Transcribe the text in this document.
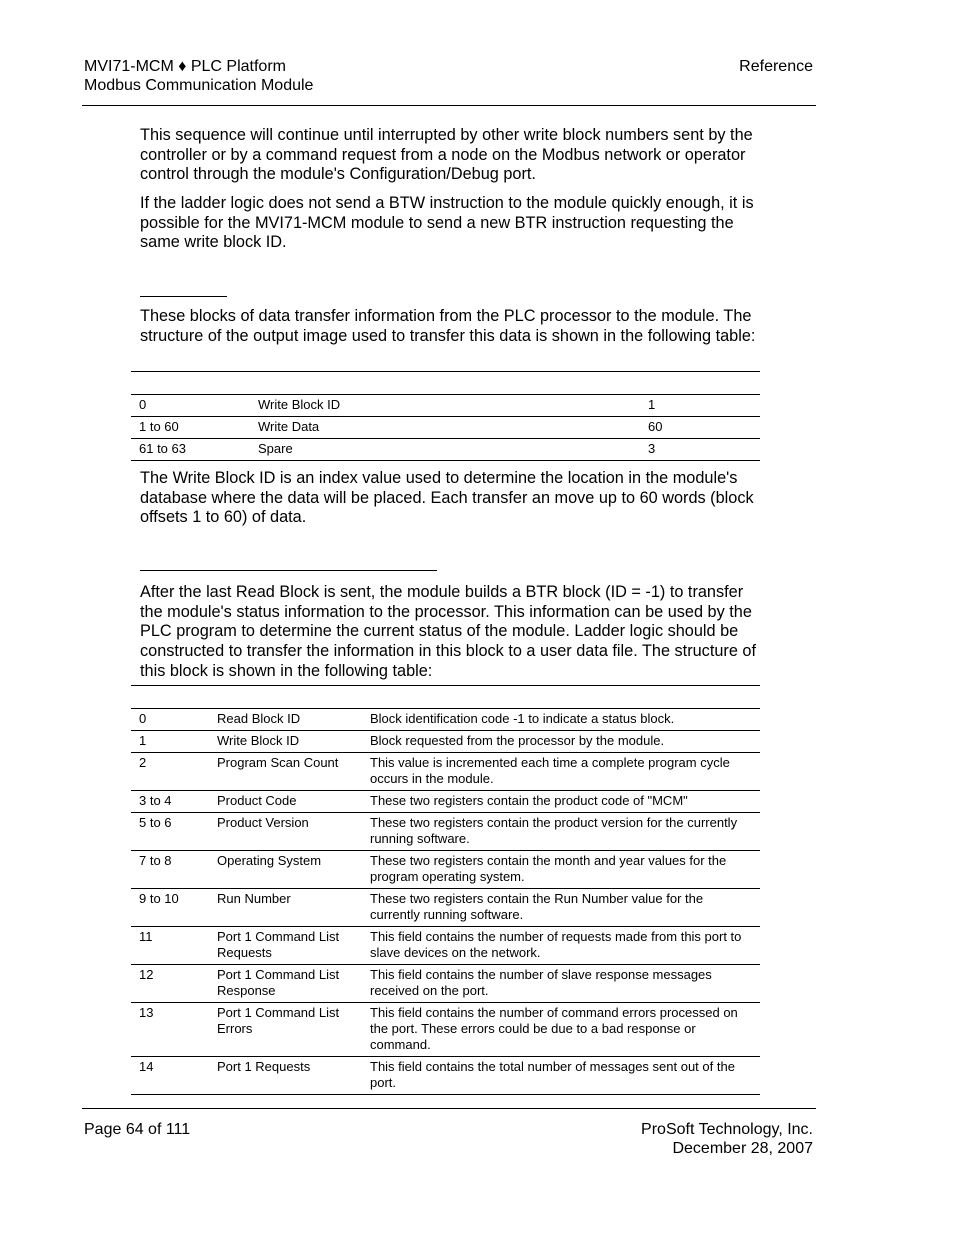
MVI71-MCM ♦ PLC Platform
Modbus Communication Module
Reference

This sequence will continue until interrupted by other write block numbers sent by the controller or by a command request from a node on the Modbus network or operator control through the module's Configuration/Debug port.

If the ladder logic does not send a BTW instruction to the module quickly enough, it is possible for the MVI71-MCM module to send a new BTR instruction requesting the same write block ID.

These blocks of data transfer information from the PLC processor to the module. The structure of the output image used to transfer this data is shown in the following table:

0	Write Block ID	1
1 to 60	Write Data	60
61 to 63	Spare	3

The Write Block ID is an index value used to determine the location in the module's database where the data will be placed. Each transfer an move up to 60 words (block offsets 1 to 60) of data.

After the last Read Block is sent, the module builds a BTR block (ID = -1) to transfer the module's status information to the processor. This information can be used by the PLC program to determine the current status of the module. Ladder logic should be constructed to transfer the information in this block to a user data file. The structure of this block is shown in the following table:

0	Read Block ID	Block identification code -1 to indicate a status block.
1	Write Block ID	Block requested from the processor by the module.
2	Program Scan Count	This value is incremented each time a complete program cycle occurs in the module.
3 to 4	Product Code	These two registers contain the product code of "MCM"
5 to 6	Product Version	These two registers contain the product version for the currently running software.
7 to 8	Operating System	These two registers contain the month and year values for the program operating system.
9 to 10	Run Number	These two registers contain the Run Number value for the currently running software.
11	Port 1 Command List Requests	This field contains the number of requests made from this port to slave devices on the network.
12	Port 1 Command List Response	This field contains the number of slave response messages received on the port.
13	Port 1 Command List Errors	This field contains the number of command errors processed on the port. These errors could be due to a bad response or command.
14	Port 1 Requests	This field contains the total number of messages sent out of the port.
Page 64 of 111	ProSoft Technology, Inc.
December 28, 2007
